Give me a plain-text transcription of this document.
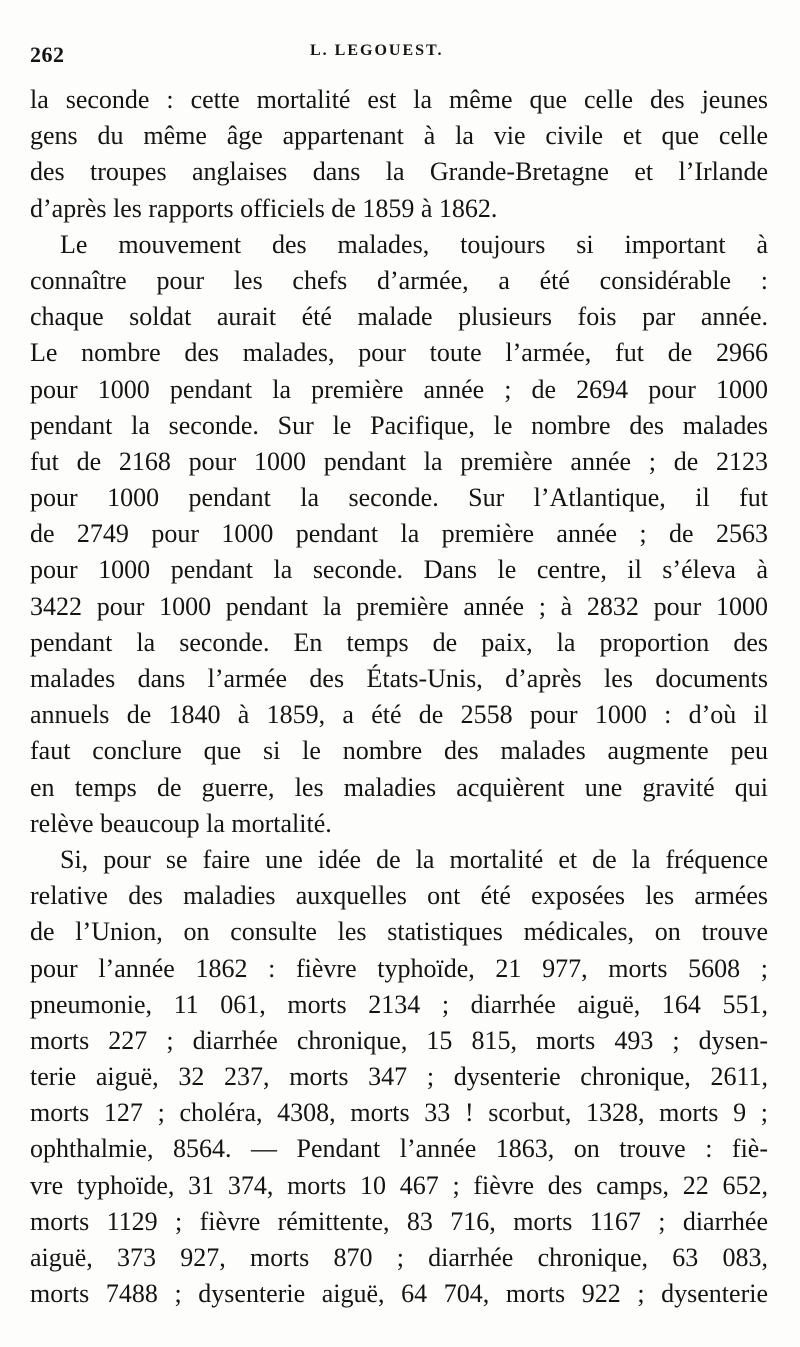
262	L. LEGOUEST.
la seconde : cette mortalité est la même que celle des jeunes
gens du même âge appartenant à la vie civile et que celle
des troupes anglaises dans la Grande-Bretagne et l’Irlande
d’après les rapports officiels de 1859 à 1862.
Le mouvement des malades, toujours si important à
connaître pour les chefs d’armée, a été considérable :
chaque soldat aurait été malade plusieurs fois par année.
Le nombre des malades, pour toute l’armée, fut de 2966
pour 1000 pendant la première année ; de 2694 pour 1000
pendant la seconde. Sur le Pacifique, le nombre des malades
fut de 2168 pour 1000 pendant la première année ; de 2123
pour 1000 pendant la seconde. Sur l’Atlantique, il fut
de 2749 pour 1000 pendant la première année ; de 2563
pour 1000 pendant la seconde. Dans le centre, il s’éleva à
3422 pour 1000 pendant la première année ; à 2832 pour 1000
pendant la seconde. En temps de paix, la proportion des
malades dans l’armée des États-Unis, d’après les documents
annuels de 1840 à 1859, a été de 2558 pour 1000 : d’où il
faut conclure que si le nombre des malades augmente peu
en temps de guerre, les maladies acquièrent une gravité qui
relève beaucoup la mortalité.
Si, pour se faire une idée de la mortalité et de la fréquence
relative des maladies auxquelles ont été exposées les armées
de l’Union, on consulte les statistiques médicales, on trouve
pour l’année 1862 : fièvre typhoïde, 21 977, morts 5608 ;
pneumonie, 11 061, morts 2134 ; diarrhée aiguë, 164 551,
morts 227 ; diarrhée chronique, 15 815, morts 493 ; dysen-
terie aiguë, 32 237, morts 347 ; dysenterie chronique, 2611,
morts 127 ; choléra, 4308, morts 33 ! scorbut, 1328, morts 9 ;
ophthalmie, 8564. — Pendant l’année 1863, on trouve : fiè-
vre typhoïde, 31 374, morts 10 467 ; fièvre des camps, 22 652,
morts 1129 ; fièvre rémittente, 83 716, morts 1167 ; diarrhée
aiguë, 373 927, morts 870 ; diarrhée chronique, 63 083,
morts 7488 ; dysenterie aiguë, 64 704, morts 922 ; dysenterie
